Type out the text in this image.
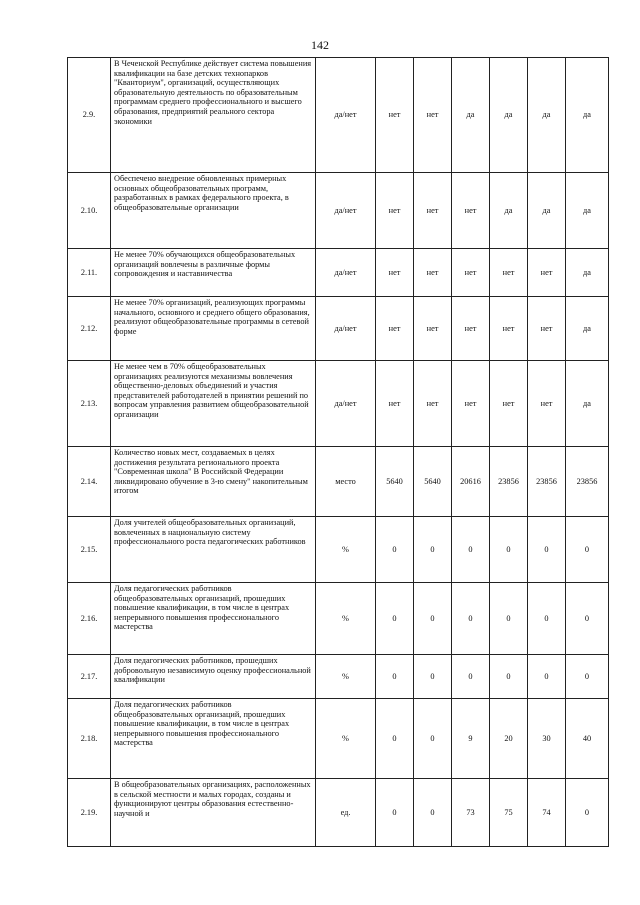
142
2.9.	В Чеченской Республике действует система повышения квалификации на базе детских технопарков "Кванториум", организаций, осуществляющих образовательную деятельность по образовательным программам среднего профессионального и высшего образования, предприятий реального сектора экономики	да/нет	нет	нет	да	да	да	да
2.10.	Обеспечено внедрение обновленных примерных основных общеобразовательных программ, разработанных в рамках федерального проекта, в общеобразовательные организации	да/нет	нет	нет	нет	да	да	да
2.11.	Не менее 70% обучающихся общеобразовательных организаций вовлечены в различные формы сопровождения и наставничества	да/нет	нет	нет	нет	нет	нет	да
2.12.	Не менее 70% организаций, реализующих программы начального, основного и среднего общего образования, реализуют общеобразовательные программы в сетевой форме	да/нет	нет	нет	нет	нет	нет	да
2.13.	Не менее чем в 70% общеобразовательных организациях реализуются механизмы вовлечения общественно-деловых объединений и участия представителей работодателей в принятии решений по вопросам управления развитием общеобразовательной организации	да/нет	нет	нет	нет	нет	нет	да
2.14.	Количество новых мест, создаваемых в целях достижения результата регионального проекта "Современная школа" В Российской Федерации ликвидировано обучение в 3-ю смену" накопительным итогом	место	5640	5640	20616	23856	23856	23856
2.15.	Доля учителей общеобразовательных организаций, вовлеченных в национальную систему профессионального роста педагогических работников	%	0	0	0	0	0	0
2.16.	Доля педагогических работников общеобразовательных организаций, прошедших повышение квалификации, в том числе в центрах непрерывного повышения профессионального мастерства	%	0	0	0	0	0	0
2.17.	Доля педагогических работников, прошедших добровольную независимую оценку профессиональной квалификации	%	0	0	0	0	0	0
2.18.	Доля педагогических работников общеобразовательных организаций, прошедших повышение квалификации, в том числе в центрах непрерывного повышения профессионального мастерства	%	0	0	9	20	30	40
2.19.	В общеобразовательных организациях, расположенных в сельской местности и малых городах, созданы и функционируют центры образования естественно-научной и	ед.	0	0	73	75	74	0
